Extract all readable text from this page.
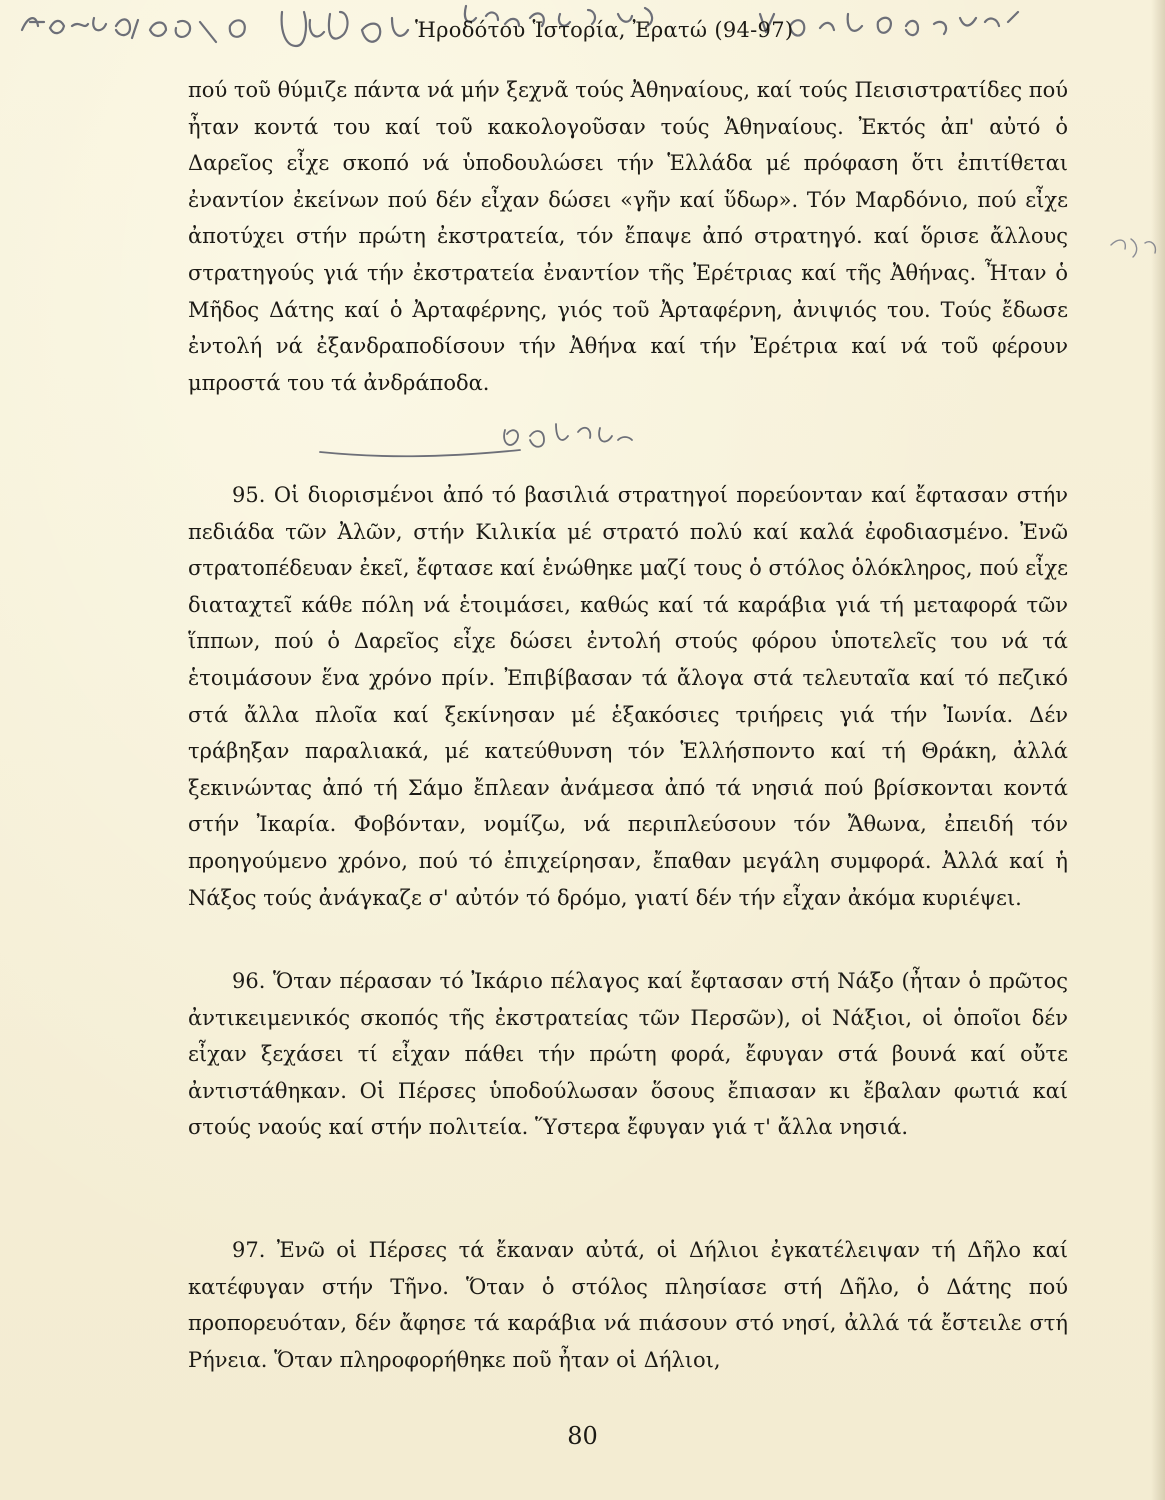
Ἡροδότου Ἱστορία, Ἐρατώ (94-97)

πού τοῦ θύμιζε πάντα νά μήν ξεχνᾶ τούς Ἀθηναίους, καί τούς Πεισιστρατίδες πού ἦταν κοντά του καί τοῦ κακολογοῦσαν τούς Ἀθηναίους. Ἐκτός ἀπ' αὐτό ὁ Δαρεῖος εἶχε σκοπό νά ὑποδουλώσει τήν Ἑλλάδα μέ πρόφαση ὅτι ἐπιτίθεται ἐναντίον ἐκείνων πού δέν εἶχαν δώσει «γῆν καί ὕδωρ». Τόν Μαρδόνιο, πού εἶχε ἀποτύχει στήν πρώτη ἐκστρατεία, τόν ἔπαψε ἀπό στρατηγό. καί ὅρισε ἄλλους στρατηγούς γιά τήν ἐκστρατεία ἐναντίον τῆς Ἐρέτριας καί τῆς Ἀθήνας. Ἦταν ὁ Μῆδος Δάτης καί ὁ Ἀρταφέρνης, γιός τοῦ Ἀρταφέρνη, ἀνιψιός του. Τούς ἔδωσε ἐντολή νά ἐξανδραποδίσουν τήν Ἀθήνα καί τήν Ἐρέτρια καί νά τοῦ φέρουν μπροστά του τά ἀνδράποδα.

95. Οἱ διορισμένοι ἀπό τό βασιλιά στρατηγοί πορεύονταν καί ἔφτασαν στήν πεδιάδα τῶν Ἀλῶν, στήν Κιλικία μέ στρατό πολύ καί καλά ἐφοδιασμένο. Ἐνῶ στρατοπέδευαν ἐκεῖ, ἔφτασε καί ἑνώθηκε μαζί τους ὁ στόλος ὁλόκληρος, πού εἶχε διαταχτεῖ κάθε πόλη νά ἑτοιμάσει, καθώς καί τά καράβια γιά τή μεταφορά τῶν ἵππων, πού ὁ Δαρεῖος εἶχε δώσει ἐντολή στούς φόρου ὑποτελεῖς του νά τά ἑτοιμάσουν ἕνα χρόνο πρίν. Ἐπιβίβασαν τά ἄλογα στά τελευταῖα καί τό πεζικό στά ἄλλα πλοῖα καί ξεκίνησαν μέ ἑξακόσιες τριήρεις γιά τήν Ἰωνία. Δέν τράβηξαν παραλιακά, μέ κατεύθυνση τόν Ἑλλήσποντο καί τή Θράκη, ἀλλά ξεκινώντας ἀπό τή Σάμο ἔπλεαν ἀνάμεσα ἀπό τά νησιά πού βρίσκονται κοντά στήν Ἰκαρία. Φοβόνταν, νομίζω, νά περιπλεύσουν τόν Ἄθωνα, ἐπειδή τόν προηγούμενο χρόνο, πού τό ἐπιχείρησαν, ἔπαθαν μεγάλη συμφορά. Ἀλλά καί ἡ Νάξος τούς ἀνάγκαζε σ' αὐτόν τό δρόμο, γιατί δέν τήν εἶχαν ἀκόμα κυριέψει.

96. Ὅταν πέρασαν τό Ἰκάριο πέλαγος καί ἔφτασαν στή Νάξο (ἦταν ὁ πρῶτος ἀντικειμενικός σκοπός τῆς ἐκστρατείας τῶν Περσῶν), οἱ Νάξιοι, οἱ ὁποῖοι δέν εἶχαν ξεχάσει τί εἶχαν πάθει τήν πρώτη φορά, ἔφυγαν στά βουνά καί οὔτε ἀντιστάθηκαν. Οἱ Πέρσες ὑποδούλωσαν ὅσους ἔπιασαν κι ἔβαλαν φωτιά καί στούς ναούς καί στήν πολιτεία. Ὕστερα ἔφυγαν γιά τ' ἄλλα νησιά.

97. Ἐνῶ οἱ Πέρσες τά ἔκαναν αὐτά, οἱ Δήλιοι ἐγκατέλειψαν τή Δῆλο καί κατέφυγαν στήν Τῆνο. Ὅταν ὁ στόλος πλησίασε στή Δῆλο, ὁ Δάτης πού προπορευόταν, δέν ἄφησε τά καράβια νά πιάσουν στό νησί, ἀλλά τά ἔστειλε στή Ρήνεια. Ὅταν πληροφορήθηκε ποῦ ἦταν οἱ Δήλιοι,

80
